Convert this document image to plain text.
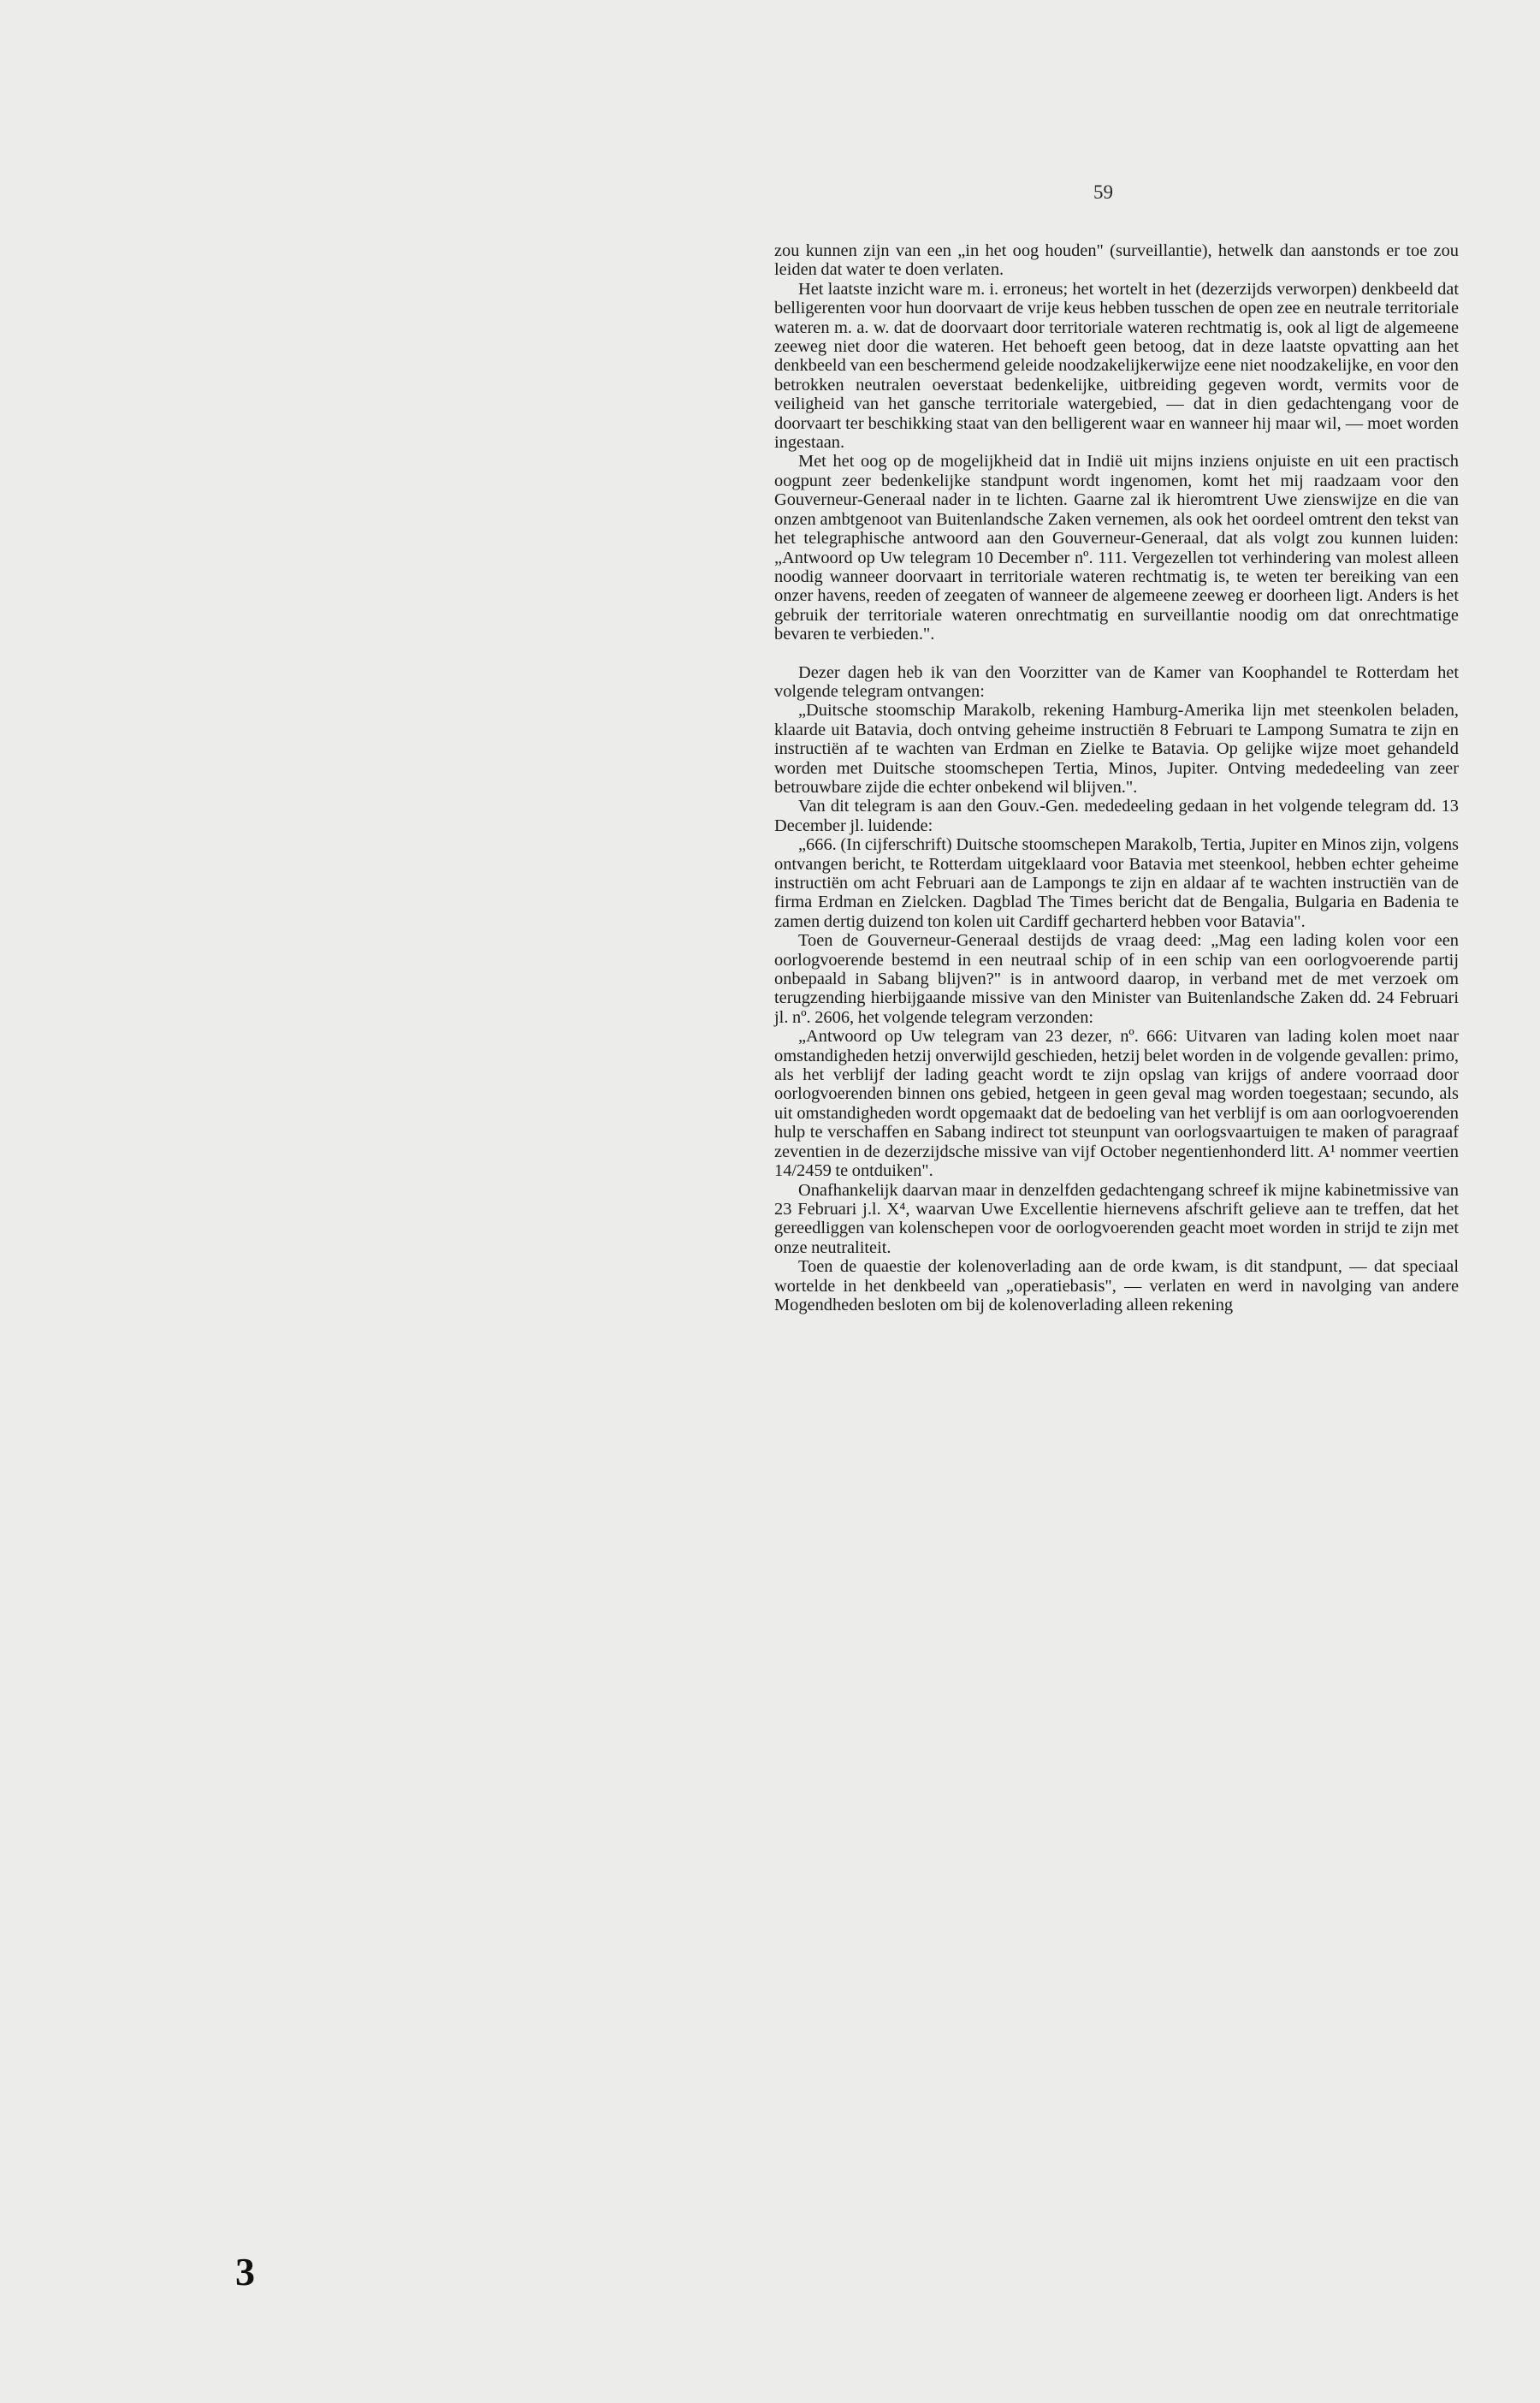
59

zou kunnen zijn van een „in het oog houden" (surveillantie), hetwelk dan aanstonds er toe zou leiden dat water te doen verlaten.

Het laatste inzicht ware m. i. erroneus; het wortelt in het (dezerzijds verworpen) denkbeeld dat belligerenten voor hun doorvaart de vrije keus hebben tusschen de open zee en neutrale territoriale wateren m. a. w. dat de doorvaart door territoriale wateren rechtmatig is, ook al ligt de algemeene zeeweg niet door die wateren. Het behoeft geen betoog, dat in deze laatste opvatting aan het denkbeeld van een beschermend geleide noodzakelijkerwijze eene niet noodzakelijke, en voor den betrokken neutralen oeverstaat bedenkelijke, uitbreiding gegeven wordt, vermits voor de veiligheid van het gansche territoriale watergebied, — dat in dien gedachtengang voor de doorvaart ter beschikking staat van den belligerent waar en wanneer hij maar wil, — moet worden ingestaan.

Met het oog op de mogelijkheid dat in Indië uit mijns inziens onjuiste en uit een practisch oogpunt zeer bedenkelijke standpunt wordt ingenomen, komt het mij raadzaam voor den Gouverneur-Generaal nader in te lichten. Gaarne zal ik hieromtrent Uwe zienswijze en die van onzen ambtgenoot van Buitenlandsche Zaken vernemen, als ook het oordeel omtrent den tekst van het telegraphische antwoord aan den Gouverneur-Generaal, dat als volgt zou kunnen luiden: „Antwoord op Uw telegram 10 December nº. 111. Vergezellen tot verhindering van molest alleen noodig wanneer doorvaart in territoriale wateren rechtmatig is, te weten ter bereiking van een onzer havens, reeden of zeegaten of wanneer de algemeene zeeweg er doorheen ligt. Anders is het gebruik der territoriale wateren onrechtmatig en surveillantie noodig om dat onrechtmatige bevaren te verbieden.".

Dezer dagen heb ik van den Voorzitter van de Kamer van Koophandel te Rotterdam het volgende telegram ontvangen:

„Duitsche stoomschip Marakolb, rekening Hamburg-Amerika lijn met steenkolen beladen, klaarde uit Batavia, doch ontving geheime instructiën 8 Februari te Lampong Sumatra te zijn en instructiën af te wachten van Erdman en Zielke te Batavia. Op gelijke wijze moet gehandeld worden met Duitsche stoomschepen Tertia, Minos, Jupiter. Ontving mededeeling van zeer betrouwbare zijde die echter onbekend wil blijven.".

Van dit telegram is aan den Gouv.-Gen. mededeeling gedaan in het volgende telegram dd. 13 December jl. luidende:

„666. (In cijferschrift) Duitsche stoomschepen Marakolb, Tertia, Jupiter en Minos zijn, volgens ontvangen bericht, te Rotterdam uitgeklaard voor Batavia met steenkool, hebben echter geheime instructiën om acht Februari aan de Lampongs te zijn en aldaar af te wachten instructiën van de firma Erdman en Zielcken. Dagblad The Times bericht dat de Bengalia, Bulgaria en Badenia te zamen dertig duizend ton kolen uit Cardiff gecharterd hebben voor Batavia".

Toen de Gouverneur-Generaal destijds de vraag deed: „Mag een lading kolen voor een oorlogvoerende bestemd in een neutraal schip of in een schip van een oorlogvoerende partij onbepaald in Sabang blijven?" is in antwoord daarop, in verband met de met verzoek om terugzending hierbijgaande missive van den Minister van Buitenlandsche Zaken dd. 24 Februari jl. nº. 2606, het volgende telegram verzonden:

„Antwoord op Uw telegram van 23 dezer, nº. 666: Uitvaren van lading kolen moet naar omstandigheden hetzij onverwijld geschieden, hetzij belet worden in de volgende gevallen: primo, als het verblijf der lading geacht wordt te zijn opslag van krijgs of andere voorraad door oorlogvoerenden binnen ons gebied, hetgeen in geen geval mag worden toegestaan; secundo, als uit omstandigheden wordt opgemaakt dat de bedoeling van het verblijf is om aan oorlogvoerenden hulp te verschaffen en Sabang indirect tot steunpunt van oorlogsvaartuigen te maken of paragraaf zeventien in de dezerzijdsche missive van vijf October negentienhonderd litt. A¹ nommer veertien 14/2459 te ontduiken".

Onafhankelijk daarvan maar in denzelfden gedachtengang schreef ik mijne kabinetmissive van 23 Februari j.l. X⁴, waarvan Uwe Excellentie hiernevens afschrift gelieve aan te treffen, dat het gereedliggen van kolenschepen voor de oorlogvoerenden geacht moet worden in strijd te zijn met onze neutraliteit.

Toen de quaestie der kolenoverlading aan de orde kwam, is dit standpunt, — dat speciaal wortelde in het denkbeeld van „operatiebasis", — verlaten en werd in navolging van andere Mogendheden besloten om bij de kolenoverlading alleen rekening

3
